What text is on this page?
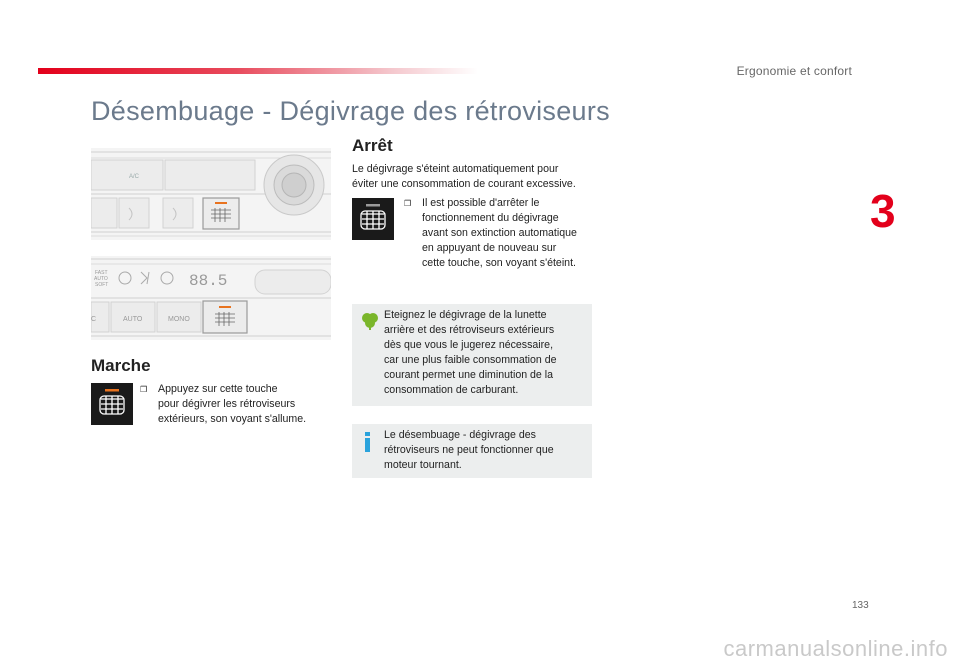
Ergonomie et confort
3
Désembuage - Dégivrage des rétroviseurs
A/C
FAST
AUTO
SOFT	88.5
C	AUTO	MONO
Marche
❒ Appuyez sur cette touche
pour dégivrer les rétroviseurs
extérieurs, son voyant s'allume.
Arrêt
Le dégivrage s'éteint automatiquement pour
éviter une consommation de courant excessive.
❒ Il est possible d'arrêter le
fonctionnement du dégivrage
avant son extinction automatique
en appuyant de nouveau sur
cette touche, son voyant s'éteint.
Eteignez le dégivrage de la lunette
arrière et des rétroviseurs extérieurs
dès que vous le jugerez nécessaire,
car une plus faible consommation de
courant permet une diminution de la
consommation de carburant.
Le désembuage - dégivrage des
rétroviseurs ne peut fonctionner que
moteur tournant.
133
carmanualsonline.info
